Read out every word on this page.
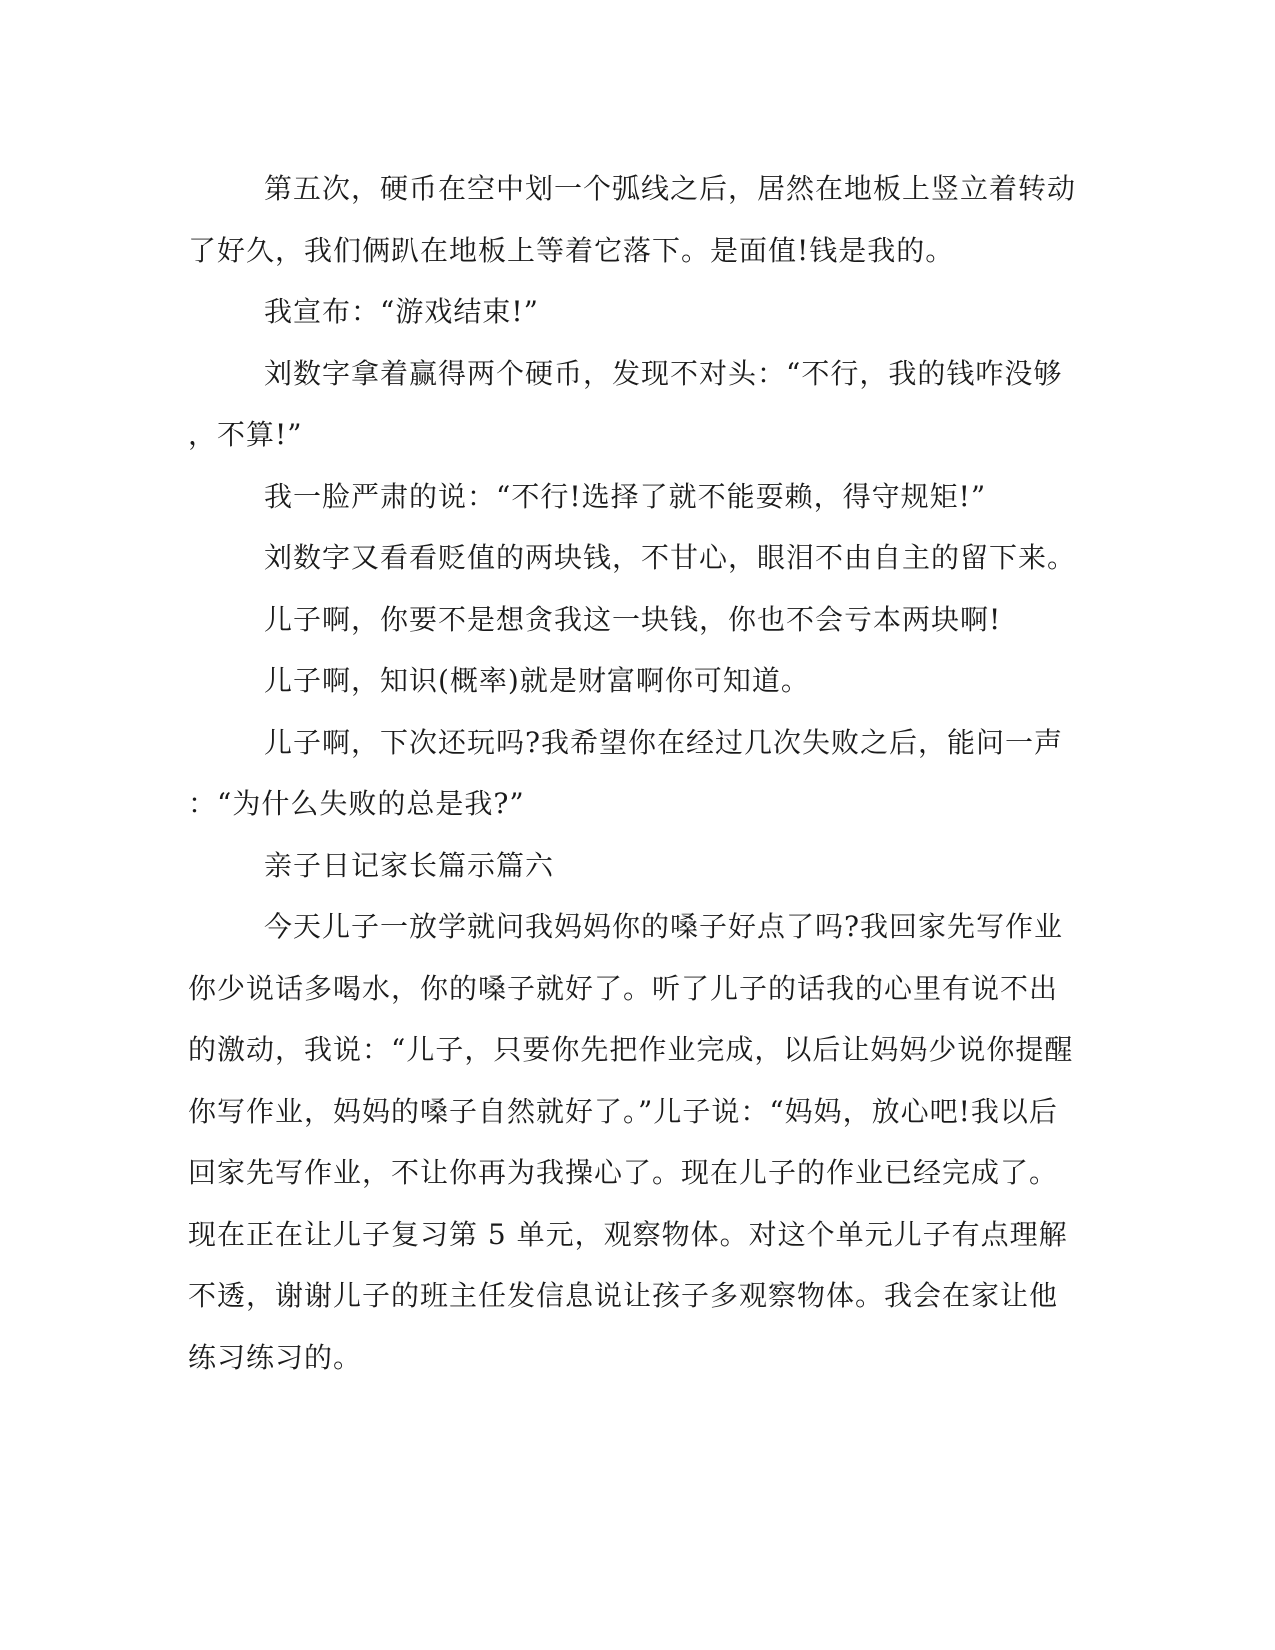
第五次，硬币在空中划一个弧线之后，居然在地板上竖立着转动
了好久，我们俩趴在地板上等着它落下。是面值!钱是我的。
我宣布：“游戏结束!”
刘数字拿着赢得两个硬币，发现不对头：“不行，我的钱咋没够
，不算!”
我一脸严肃的说：“不行!选择了就不能耍赖，得守规矩!”
刘数字又看看贬值的两块钱，不甘心，眼泪不由自主的留下来。
儿子啊，你要不是想贪我这一块钱，你也不会亏本两块啊!
儿子啊，知识(概率)就是财富啊你可知道。
儿子啊，下次还玩吗?我希望你在经过几次失败之后，能问一声
：“为什么失败的总是我?”
亲子日记家长篇示篇六
今天儿子一放学就问我妈妈你的嗓子好点了吗?我回家先写作业
你少说话多喝水，你的嗓子就好了。听了儿子的话我的心里有说不出
的激动，我说：“儿子，只要你先把作业完成，以后让妈妈少说你提醒
你写作业，妈妈的嗓子自然就好了。”儿子说：“妈妈，放心吧!我以后
回家先写作业，不让你再为我操心了。现在儿子的作业已经完成了。
现在正在让儿子复习第 5 单元，观察物体。对这个单元儿子有点理解
不透，谢谢儿子的班主任发信息说让孩子多观察物体。我会在家让他
练习练习的。
